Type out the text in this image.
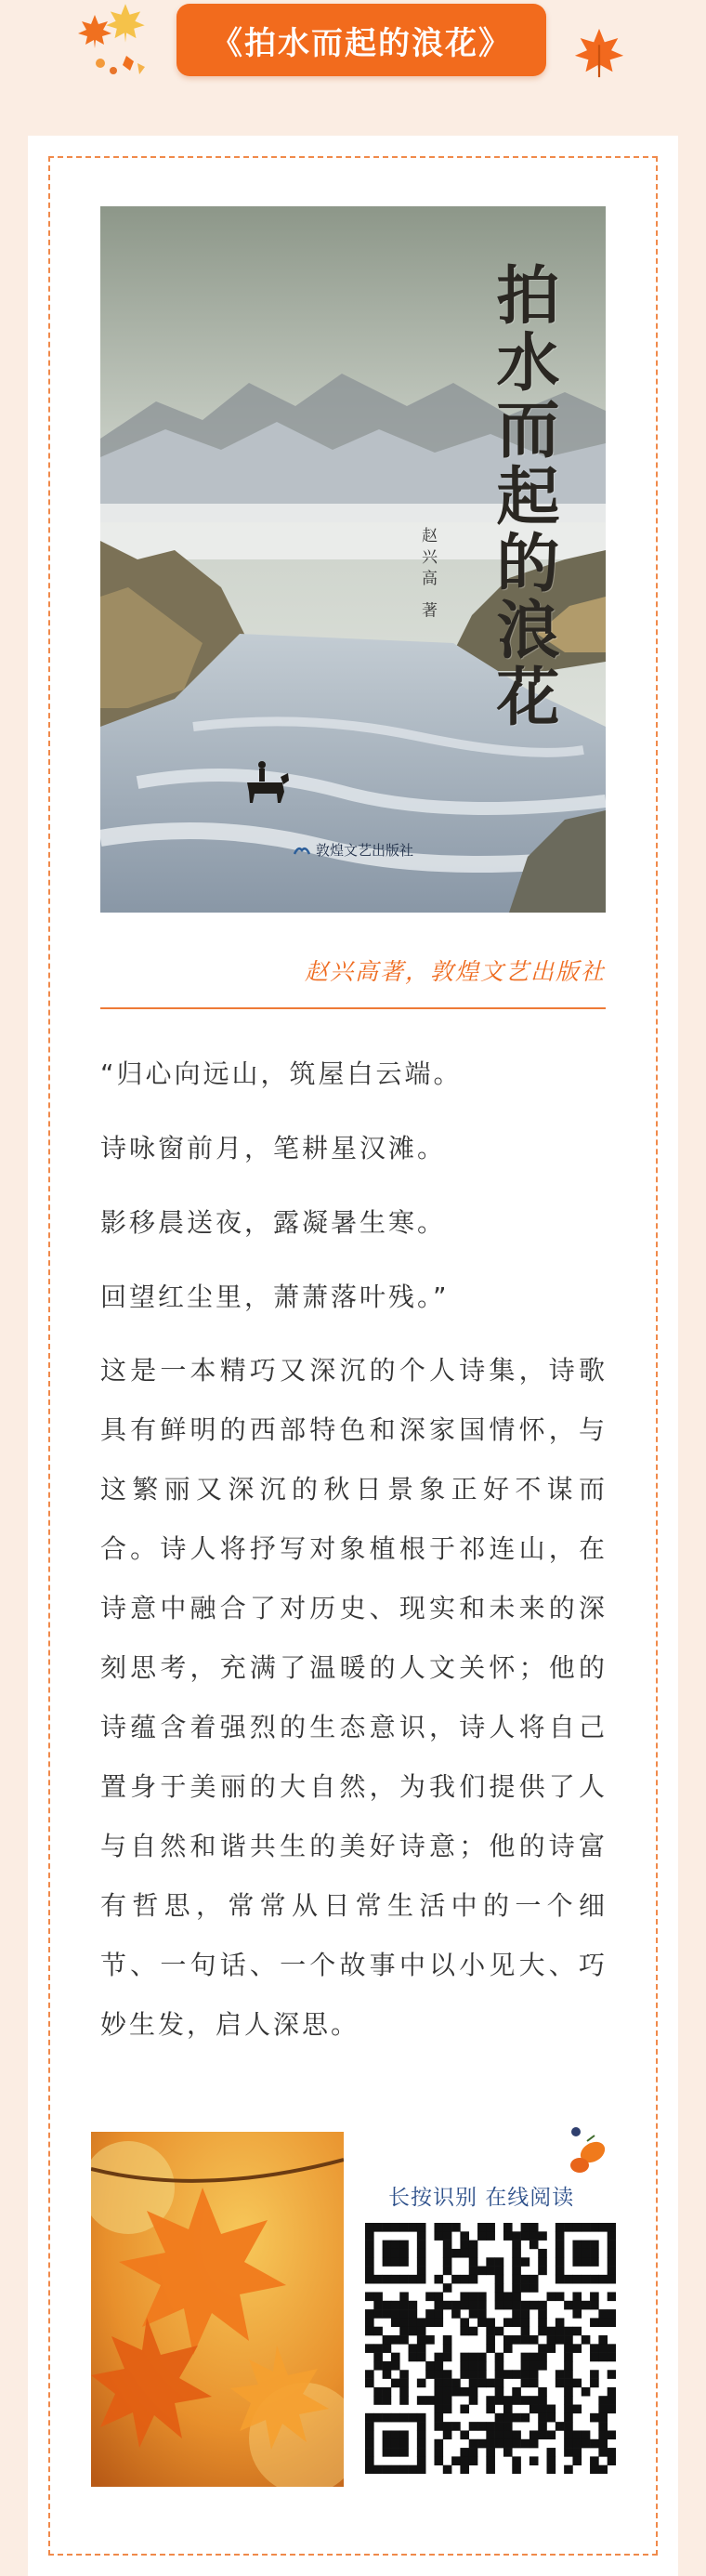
《拍水而起的浪花》
拍水而起的浪花
赵兴高 著
敦煌文艺出版社
赵兴高著，敦煌文艺出版社
“归心向远山，筑屋白云端。
诗咏窗前月，笔耕星汉滩。
影移晨送夜，露凝暑生寒。
回望红尘里，萧萧落叶残。”
这是一本精巧又深沉的个人诗集，诗歌具有鲜明的西部特色和深家国情怀，与这繁丽又深沉的秋日景象正好不谋而合。诗人将抒写对象植根于祁连山，在诗意中融合了对历史、现实和未来的深刻思考，充满了温暖的人文关怀；他的诗蕴含着强烈的生态意识，诗人将自己置身于美丽的大自然，为我们提供了人与自然和谐共生的美好诗意；他的诗富有哲思，常常从日常生活中的一个细节、一句话、一个故事中以小见大、巧妙生发，启人深思。
长按识别 在线阅读
